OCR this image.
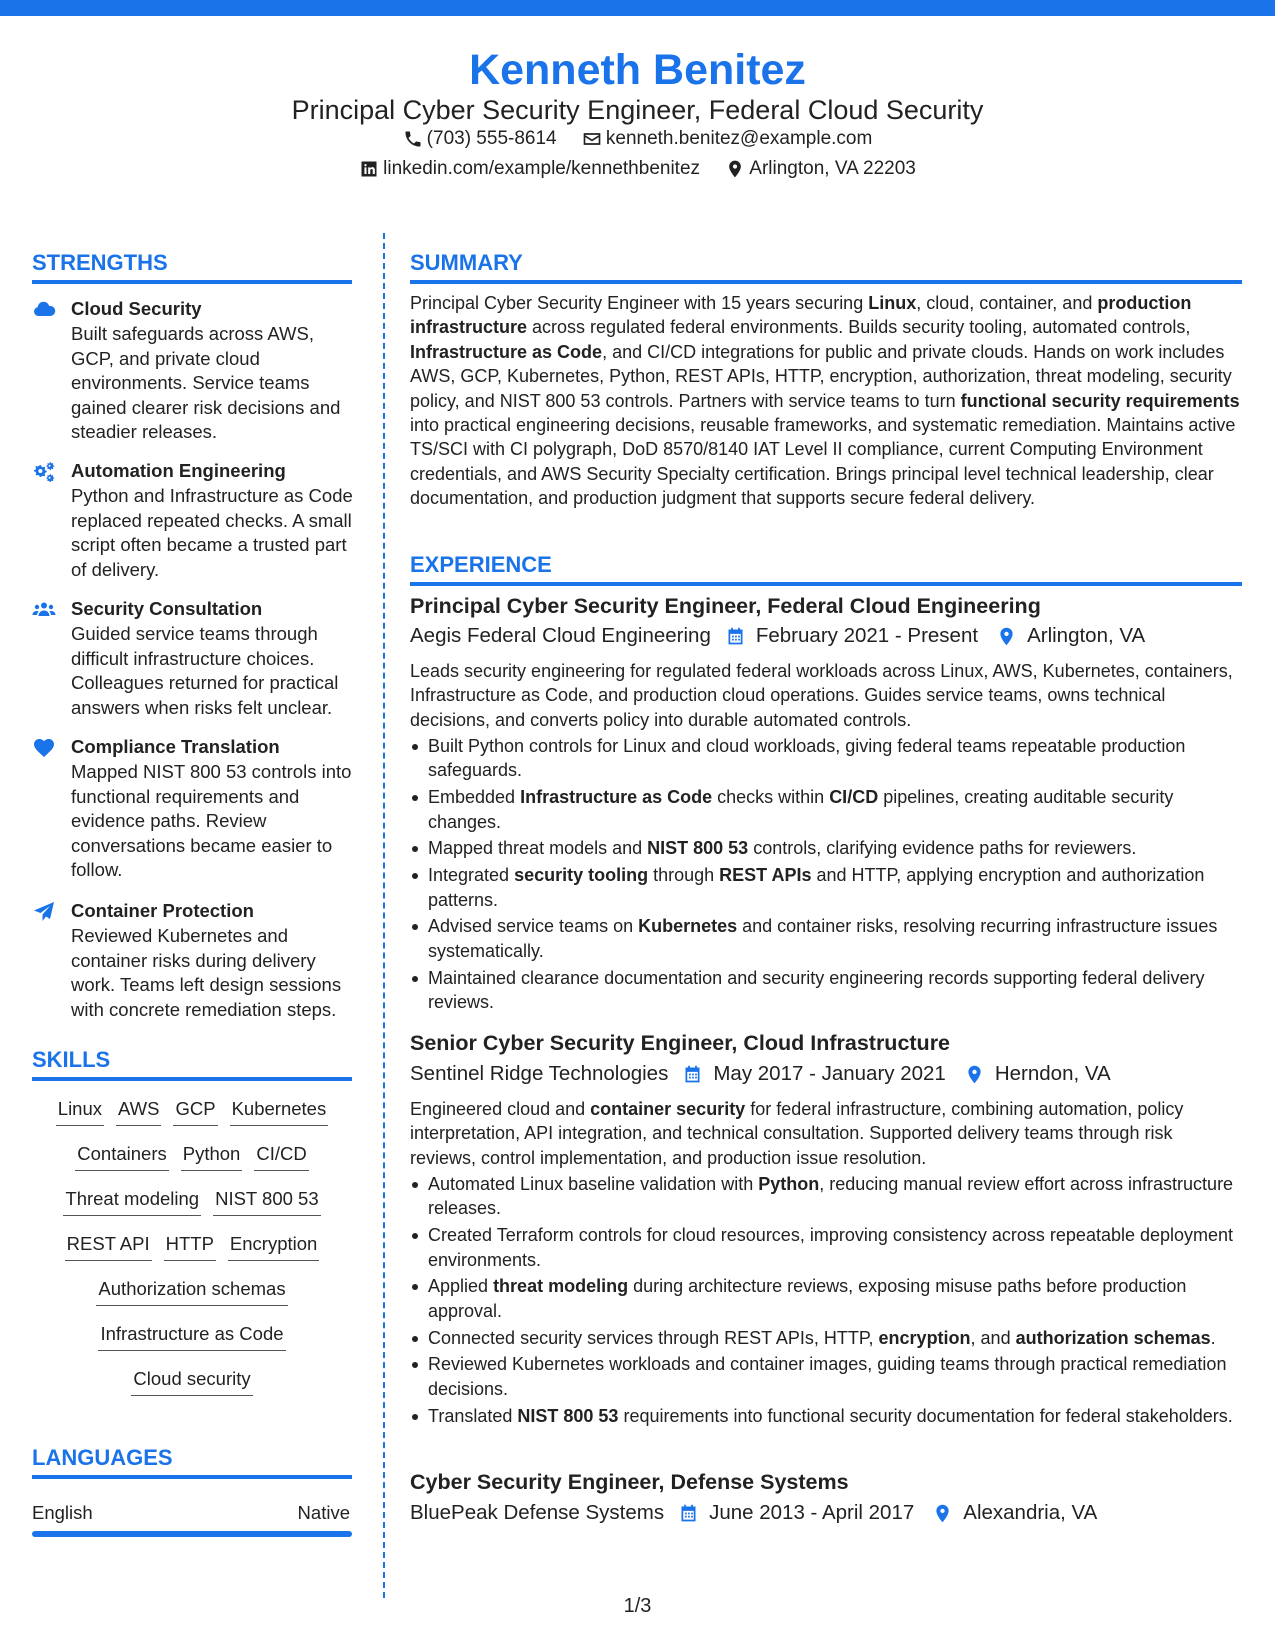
Kenneth Benitez
Principal Cyber Security Engineer, Federal Cloud Security
(703) 555-8614
	kenneth.benitez@example.com
linkedin.com/example/kennethbenitez
	Arlington, VA 22203
STRENGTHS
Cloud Security
Built safeguards across AWS, GCP, and private cloud environments. Service teams gained clearer risk decisions and steadier releases.
Automation Engineering
Python and Infrastructure as Code replaced repeated checks. A small script often became a trusted part of delivery.
Security Consultation
Guided service teams through difficult infrastructure choices. Colleagues returned for practical answers when risks felt unclear.
Compliance Translation
Mapped NIST 800 53 controls into functional requirements and evidence paths. Review conversations became easier to follow.
Container Protection
Reviewed Kubernetes and container risks during delivery work. Teams left design sessions with concrete remediation steps.
SKILLS
Linux AWS GCP Kubernetes
Containers Python CI/CD
Threat modeling NIST 800 53
REST API HTTP Encryption
Authorization schemas
Infrastructure as Code
Cloud security
LANGUAGES
English	Native
SUMMARY
Principal Cyber Security Engineer with 15 years securing Linux, cloud, container, and production infrastructure across regulated federal environments. Builds security tooling, automated controls, Infrastructure as Code, and CI/CD integrations for public and private clouds. Hands on work includes AWS, GCP, Kubernetes, Python, REST APIs, HTTP, encryption, authorization, threat modeling, security policy, and NIST 800 53 controls. Partners with service teams to turn functional security requirements into practical engineering decisions, reusable frameworks, and systematic remediation. Maintains active TS/SCI with CI polygraph, DoD 8570/8140 IAT Level II compliance, current Computing Environment credentials, and AWS Security Specialty certification. Brings principal level technical leadership, clear documentation, and production judgment that supports secure federal delivery.
EXPERIENCE
Principal Cyber Security Engineer, Federal Cloud Engineering
Aegis Federal Cloud Engineering February 2021 - Present Arlington, VA
Leads security engineering for regulated federal workloads across Linux, AWS, Kubernetes, containers, Infrastructure as Code, and production cloud operations. Guides service teams, owns technical decisions, and converts policy into durable automated controls.
Built Python controls for Linux and cloud workloads, giving federal teams repeatable production safeguards.
Embedded Infrastructure as Code checks within CI/CD pipelines, creating auditable security changes.
Mapped threat models and NIST 800 53 controls, clarifying evidence paths for reviewers.
Integrated security tooling through REST APIs and HTTP, applying encryption and authorization patterns.
Advised service teams on Kubernetes and container risks, resolving recurring infrastructure issues systematically.
Maintained clearance documentation and security engineering records supporting federal delivery reviews.
Senior Cyber Security Engineer, Cloud Infrastructure
Sentinel Ridge Technologies May 2017 - January 2021 Herndon, VA
Engineered cloud and container security for federal infrastructure, combining automation, policy interpretation, API integration, and technical consultation. Supported delivery teams through risk reviews, control implementation, and production issue resolution.
Automated Linux baseline validation with Python, reducing manual review effort across infrastructure releases.
Created Terraform controls for cloud resources, improving consistency across repeatable deployment environments.
Applied threat modeling during architecture reviews, exposing misuse paths before production approval.
Connected security services through REST APIs, HTTP, encryption, and authorization schemas.
Reviewed Kubernetes workloads and container images, guiding teams through practical remediation decisions.
Translated NIST 800 53 requirements into functional security documentation for federal stakeholders.
Cyber Security Engineer, Defense Systems
BluePeak Defense Systems June 2013 - April 2017 Alexandria, VA
1/3
